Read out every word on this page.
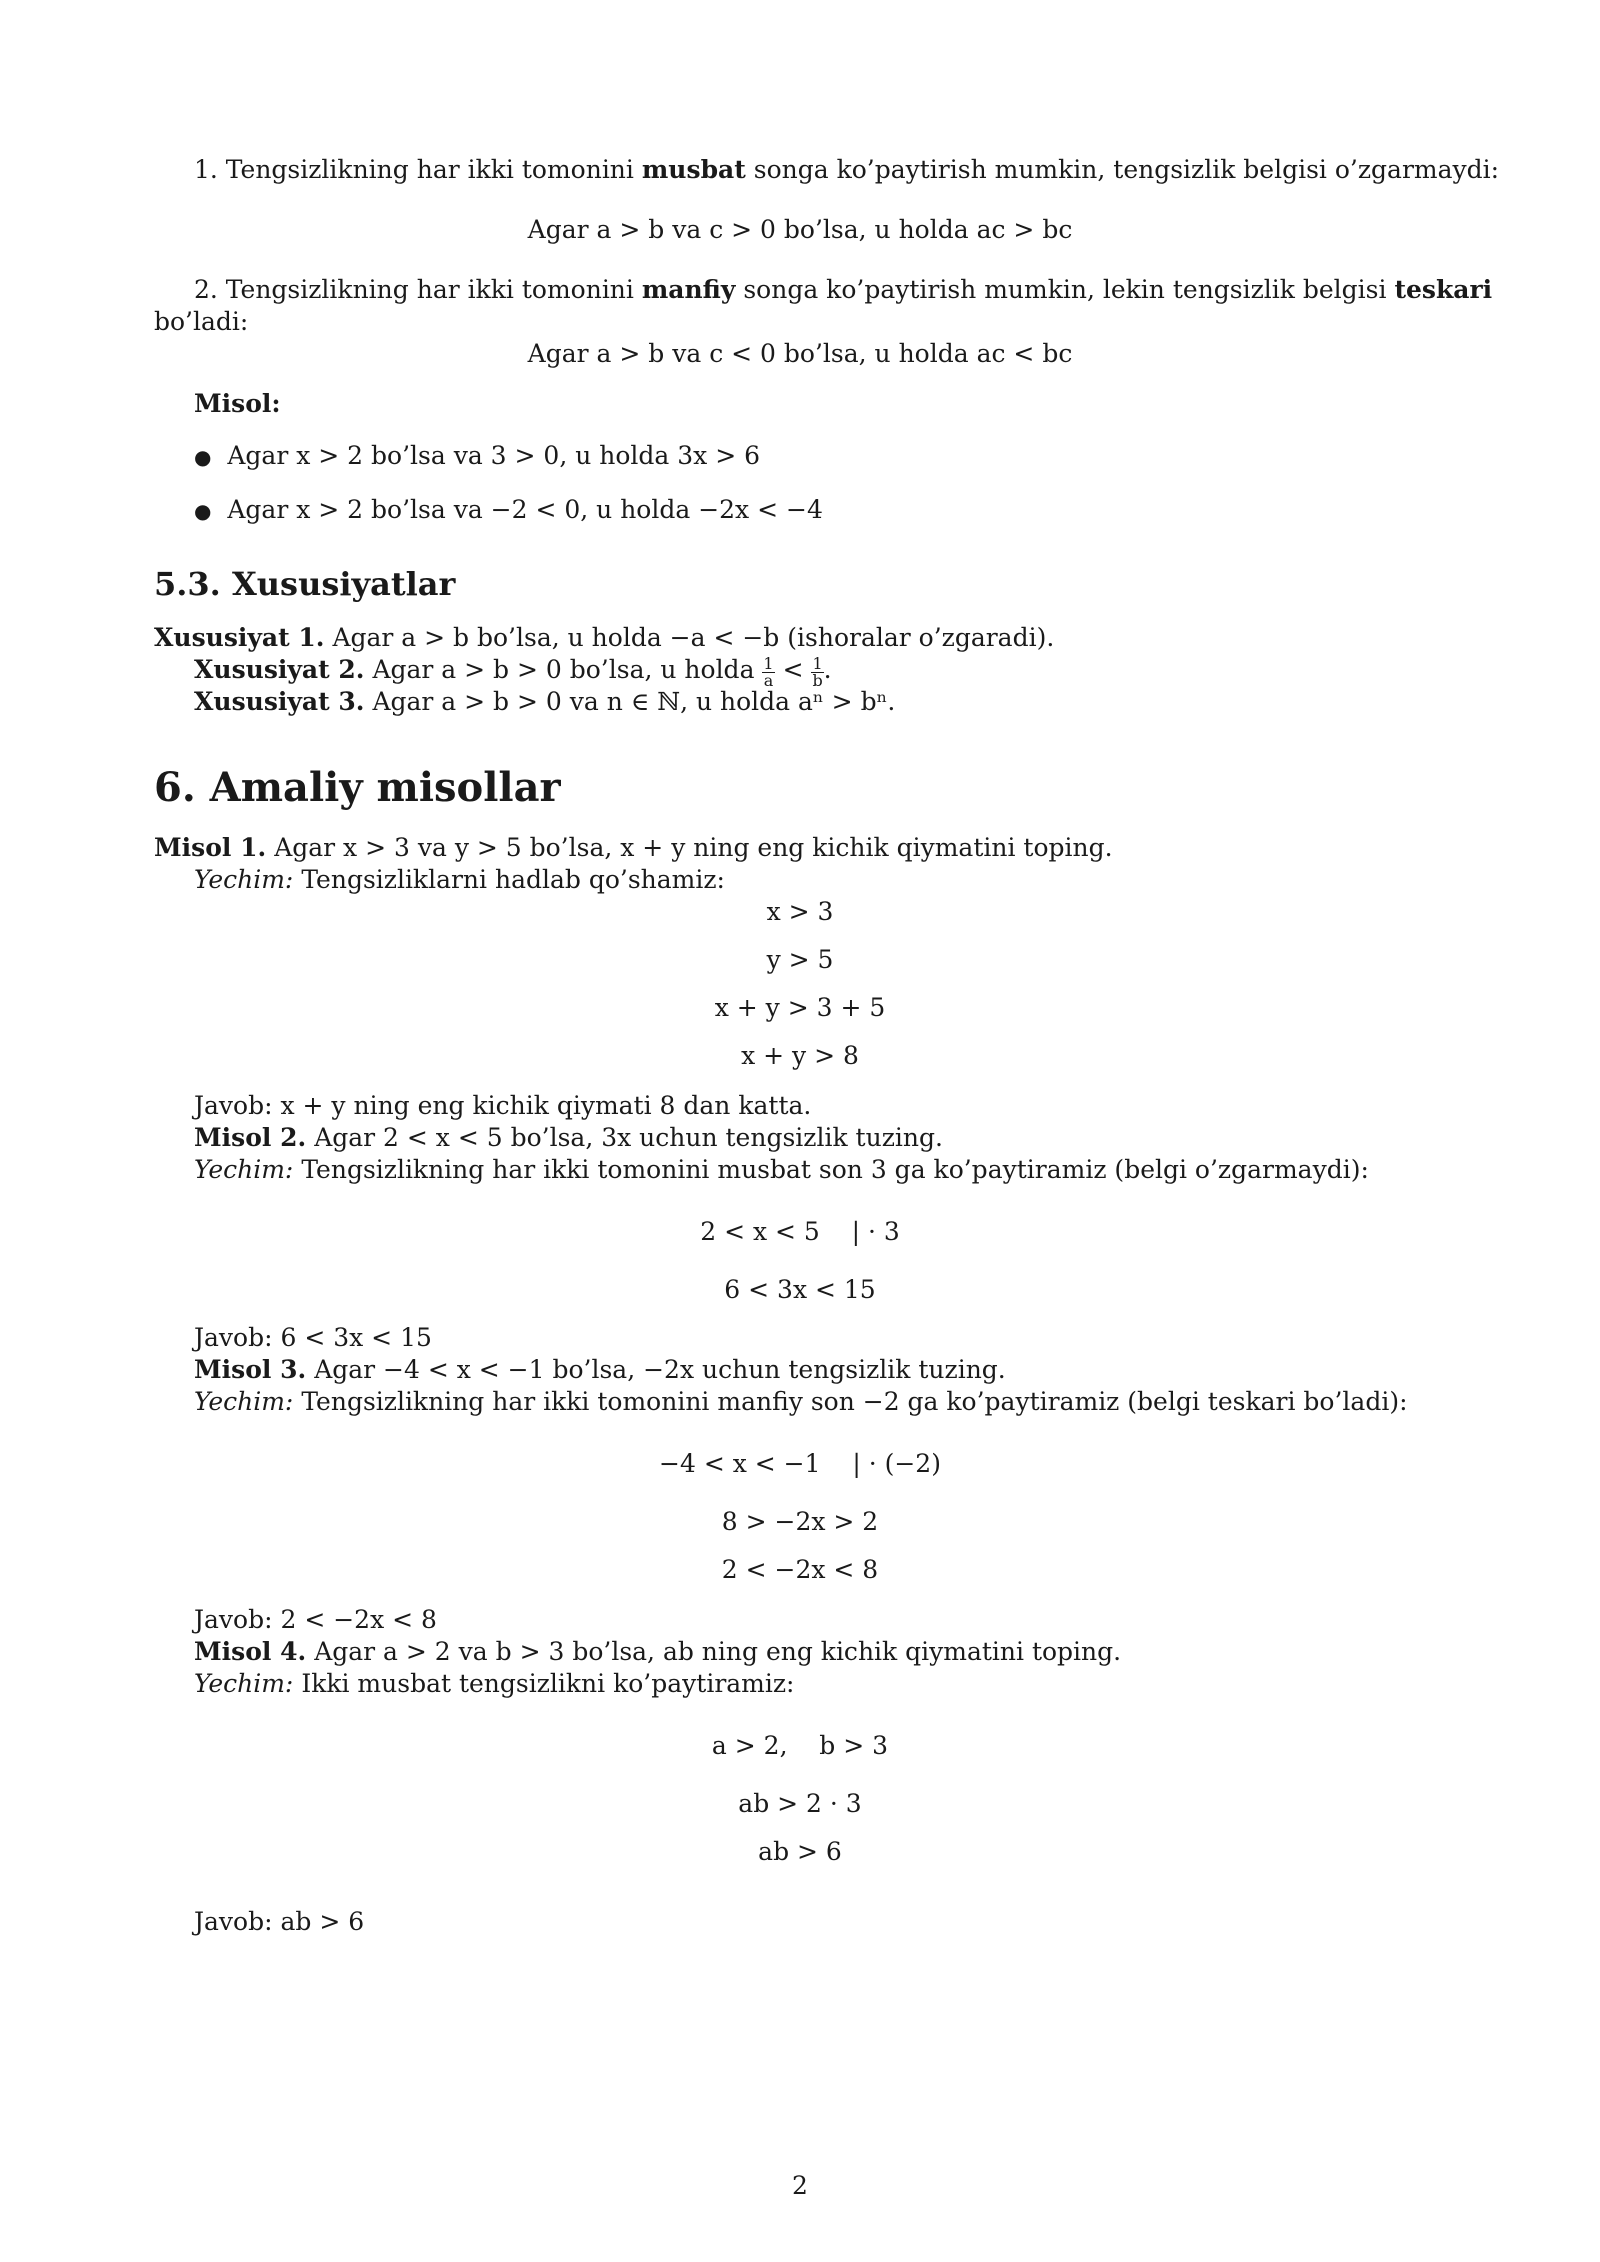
1. Tengsizlikning har ikki tomonini musbat songa ko’paytirish mumkin, tengsizlik belgisi o’zgarmaydi:
Agar a > b va c > 0 bo’lsa, u holda ac > bc
2. Tengsizlikning har ikki tomonini manfiy songa ko’paytirish mumkin, lekin tengsizlik belgisi teskari
bo’ladi:
Agar a > b va c < 0 bo’lsa, u holda ac < bc
Misol:
● Agar x > 2 bo’lsa va 3 > 0, u holda 3x > 6
● Agar x > 2 bo’lsa va −2 < 0, u holda −2x < −4
5.3. Xususiyatlar
Xususiyat 1. Agar a > b bo’lsa, u holda −a < −b (ishoralar o’zgaradi).
Xususiyat 2. Agar a > b > 0 bo’lsa, u holda $\frac{1}{a} < \frac{1}{b}$ .
Xususiyat 3. Agar a > b > 0 va n ∈ ℕ, u holda aⁿ > bⁿ.
6. Amaliy misollar
Misol 1. Agar x > 3 va y > 5 bo’lsa, x + y ning eng kichik qiymatini toping.
Yechim: Tengsizliklarni hadlab qo’shamiz:
x > 3
y > 5
x + y > 3 + 5
x + y > 8
Javob: x + y ning eng kichik qiymati 8 dan katta.
Misol 2. Agar 2 < x < 5 bo’lsa, 3x uchun tengsizlik tuzing.
Yechim: Tengsizlikning har ikki tomonini musbat son 3 ga ko’paytiramiz (belgi o’zgarmaydi):
2 < x < 5    | · 3
6 < 3x < 15
Javob: 6 < 3x < 15
Misol 3. Agar −4 < x < −1 bo’lsa, −2x uchun tengsizlik tuzing.
Yechim: Tengsizlikning har ikki tomonini manfiy son −2 ga ko’paytiramiz (belgi teskari bo’ladi):
−4 < x < −1    | · (−2)
8 > −2x > 2
2 < −2x < 8
Javob: 2 < −2x < 8
Misol 4. Agar a > 2 va b > 3 bo’lsa, ab ning eng kichik qiymatini toping.
Yechim: Ikki musbat tengsizlikni ko’paytiramiz:
a > 2,    b > 3
ab > 2 · 3
ab > 6
Javob: ab > 6
2
